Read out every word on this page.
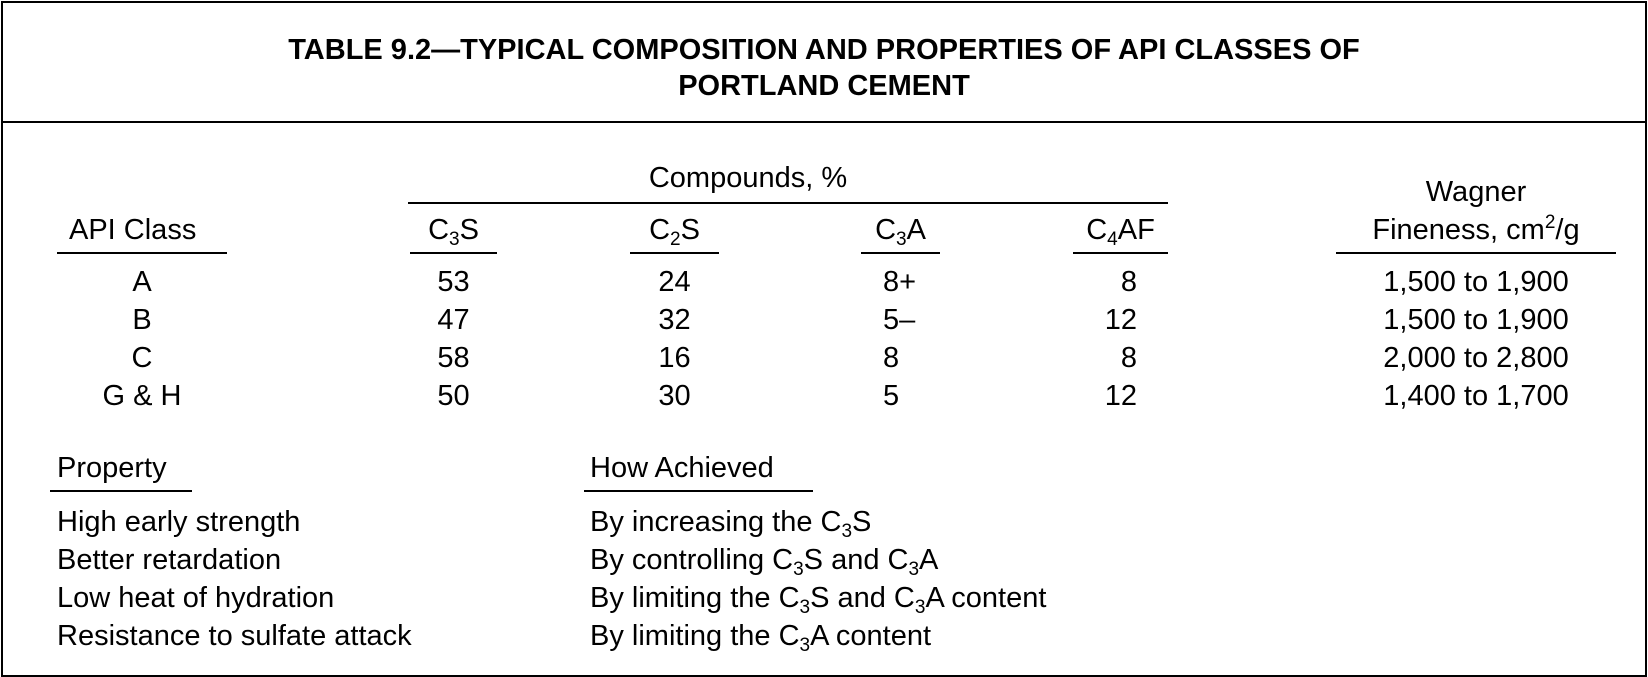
TABLE 9.2—TYPICAL COMPOSITION AND PROPERTIES OF API CLASSES OF
PORTLAND CEMENT
Compounds, %
API Class	$C_3S$	$C_2S$	$C_3A$	$C_4AF$
Wagner
Fineness, $cm^2/g$
A	53	24	8+	8	1,500 to 1,900
B	47	32	5–	12	1,500 to 1,900
C	58	16	8	8	2,000 to 2,800
G & H	50	30	5	12	1,400 to 1,700
Property	How Achieved
High early strength	By increasing the $C_3S$
Better retardation	By controlling $C_3S$ and $C_3A$
Low heat of hydration	By limiting the $C_3S$ and $C_3A$ content
Resistance to sulfate attack	By limiting the $C_3A$ content
